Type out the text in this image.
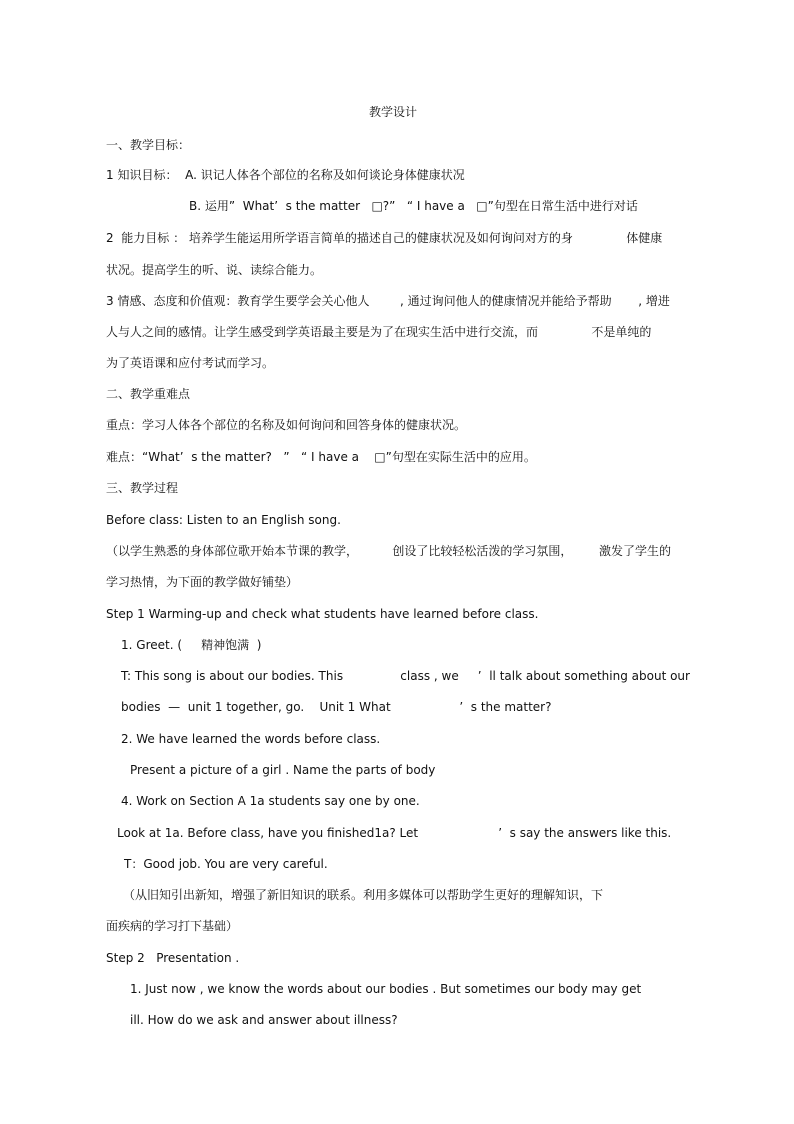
教学设计
一、教学目标：
1 知识目标：  A. 识记人体各个部位的名称及如何谈论身体健康状况
B. 运用”  What’  s the matter   □?”   “ I have a   □”句型在日常生活中进行对话
2  能力目标 ： 培养学生能运用所学语言简单的描述自己的健康状况及如何询问对方的身              体健康
状况。提高学生的听、说、读综合能力。
3 情感、态度和价值观：教育学生要学会关心他人        , 通过询问他人的健康情况并能给予帮助       , 增进
人与人之间的感情。让学生感受到学英语最主要是为了在现实生活中进行交流，而              不是单纯的
为了英语课和应付考试而学习。
二、教学重难点
重点：学习人体各个部位的名称及如何询问和回答身体的健康状况。
难点：“What’  s the matter?   ”   “ I have a    □”句型在实际生活中的应用。
三、教学过程
Before class: Listen to an English song.
（以学生熟悉的身体部位歌开始本节课的教学，         创设了比较轻松活泼的学习氛围，       激发了学生的
学习热情，为下面的教学做好铺垫）
Step 1 Warming-up and check what students have learned before class.
1. Greet. (     精神饱满  )
T: This song is about our bodies. This               class , we     ’  ll talk about something about our
bodies  —  unit 1 together, go.    Unit 1 What                  ’  s the matter?
2. We have learned the words before class.
Present a picture of a girl . Name the parts of body
4. Work on Section A 1a students say one by one.
Look at 1a. Before class, have you finished1a? Let                     ’  s say the answers like this.
T：Good job. You are very careful.
（从旧知引出新知，增强了新旧知识的联系。利用多媒体可以帮助学生更好的理解知识，下
面疾病的学习打下基础）
Step 2   Presentation .
1. Just now , we know the words about our bodies . But sometimes our body may get
ill. How do we ask and answer about illness?
